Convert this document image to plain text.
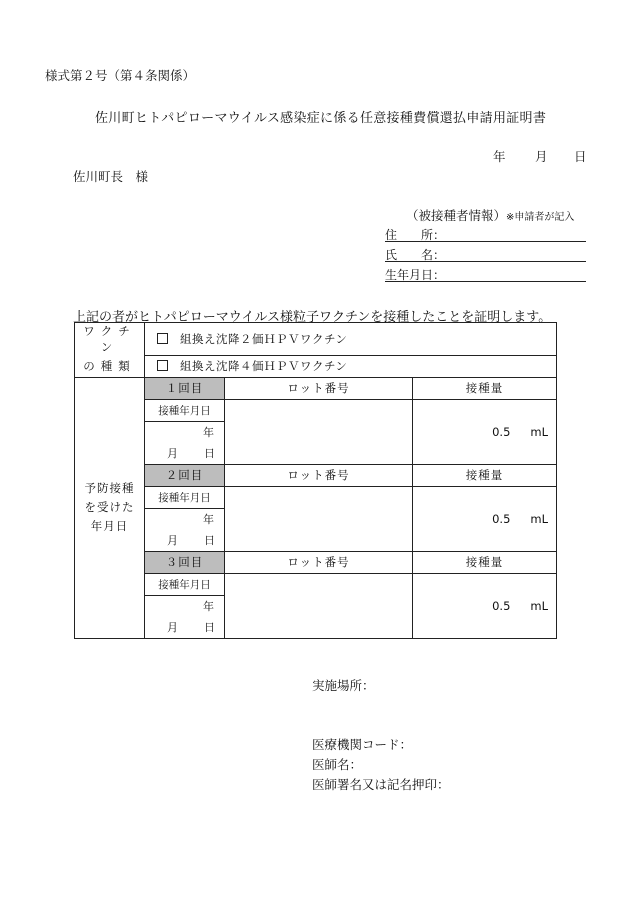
様式第２号（第４条関係）
佐川町ヒトパピローマウイルス感染症に係る任意接種費償還払申請用証明書
年 月 日
佐川町長　様
（被接種者情報）※申請者が記入
住　　所：
氏　　名：
生年月日：
上記の者がヒトパピローマウイルス様粒子ワクチンを接種したことを証明します。
ワクチン	組換え沈降２価ＨＰＶワクチン		
の種類	組換え沈降４価ＨＰＶワクチン		

予防接種
を受けた
年月日	１回目	ロット番号	接種量
	接種年月日		0.5 mL
	年		
	月 日		
	２回目	ロット番号	接種量
	接種年月日		0.5 mL
	年		
	月 日		
	３回目	ロット番号	接種量
	接種年月日		0.5 mL
	年		
	月 日		
実施場所：
医療機関コード：
医師名：
医師署名又は記名押印：
